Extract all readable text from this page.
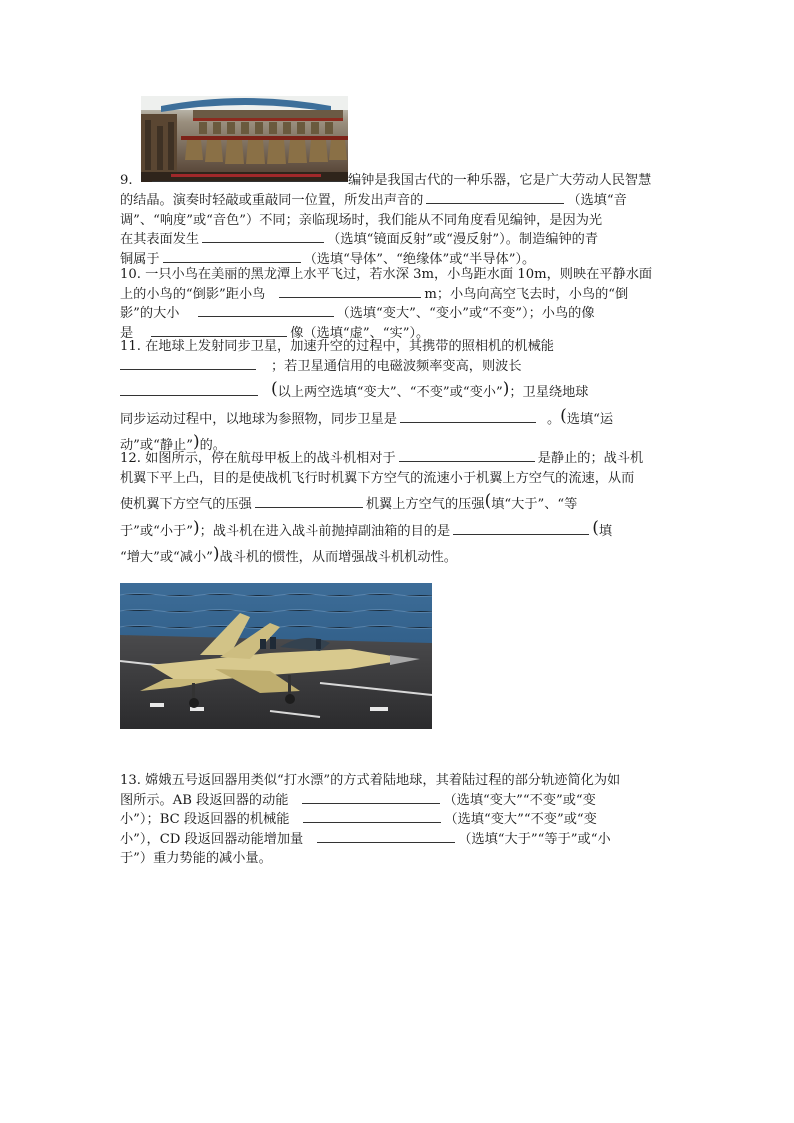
9.	编钟是我国古代的一种乐器，它是广大劳动人民智慧
的结晶。演奏时轻敲或重敲同一位置，所发出声音的	（选填“音
调”、“响度”或“音色”）不同；亲临现场时，我们能从不同角度看见编钟，是因为光
在其表面发生	（选填“镜面反射”或“漫反射”）。制造编钟的青
铜属于	（选填“导体”、“绝缘体”或“半导体”）。
10. 一只小鸟在美丽的黑龙潭上水平飞过，若水深 3m，小鸟距水面 10m，则映在平静水面
上的小鸟的“倒影”距小鸟	m；小鸟向高空飞去时，小鸟的“倒
影”的大小	（选填“变大”、“变小”或“不变”）；小鸟的像
是	像（选填“虚”、“实”）。
11. 在地球上发射同步卫星，加速升空的过程中，其携带的照相机的机械能
；若卫星通信用的电磁波频率变高，则波长
(以上两空选填“变大”、“不变”或“变小”)；卫星绕地球
同步运动过程中，以地球为参照物，同步卫星是	。(选填“运
动”或“静止”)的。
12. 如图所示，停在航母甲板上的战斗机相对于	是静止的；战斗机
机翼下平上凸，目的是使战机飞行时机翼下方空气的流速小于机翼上方空气的流速，从而
使机翼下方空气的压强	机翼上方空气的压强(填“大于”、“等
于”或“小于”)；战斗机在进入战斗前抛掉副油箱的目的是	(填
“增大”或“减小”)战斗机的惯性，从而增强战斗机机动性。
13. 嫦娥五号返回器用类似“打水漂”的方式着陆地球，其着陆过程的部分轨迹简化为如
图所示。AB 段返回器的动能	（选填“变大”“不变”或“变
小”）；BC 段返回器的机械能	（选填“变大”“不变”或“变
小”），CD 段返回器动能增加量	（选填“大于”“等于”或“小
于”）重力势能的减小量。
